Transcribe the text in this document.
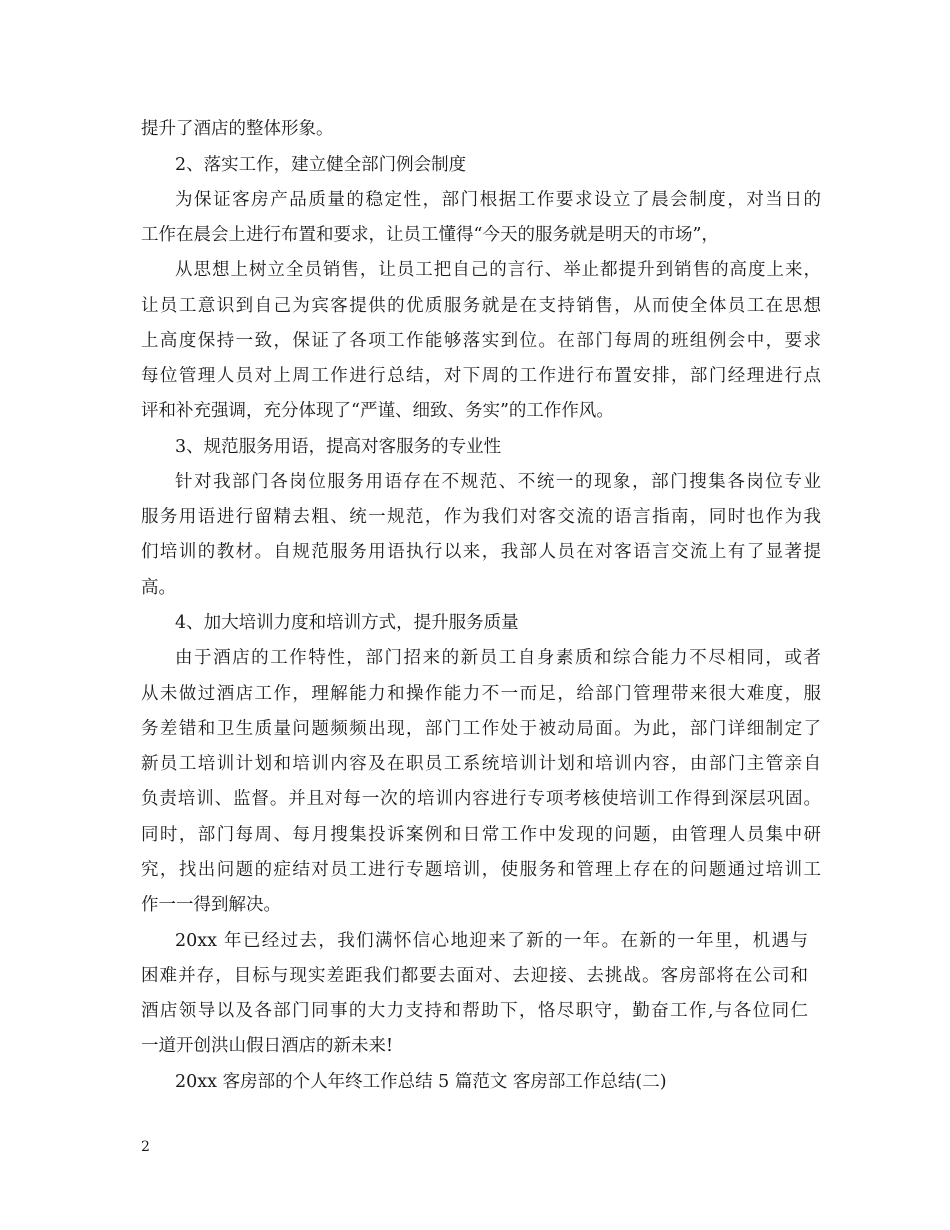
提升了酒店的整体形象。
2、落实工作，建立健全部门例会制度
为保证客房产品质量的稳定性，部门根据工作要求设立了晨会制度，对当日的
工作在晨会上进行布置和要求，让员工懂得“今天的服务就是明天的市场”，
从思想上树立全员销售，让员工把自己的言行、举止都提升到销售的高度上来，
让员工意识到自己为宾客提供的优质服务就是在支持销售，从而使全体员工在思想
上高度保持一致，保证了各项工作能够落实到位。在部门每周的班组例会中，要求
每位管理人员对上周工作进行总结，对下周的工作进行布置安排，部门经理进行点
评和补充强调，充分体现了“严谨、细致、务实”的工作作风。
3、规范服务用语，提高对客服务的专业性
针对我部门各岗位服务用语存在不规范、不统一的现象，部门搜集各岗位专业
服务用语进行留精去粗、统一规范，作为我们对客交流的语言指南，同时也作为我
们培训的教材。自规范服务用语执行以来，我部人员在对客语言交流上有了显著提
高。
4、加大培训力度和培训方式，提升服务质量
由于酒店的工作特性，部门招来的新员工自身素质和综合能力不尽相同，或者
从未做过酒店工作，理解能力和操作能力不一而足，给部门管理带来很大难度，服
务差错和卫生质量问题频频出现，部门工作处于被动局面。为此，部门详细制定了
新员工培训计划和培训内容及在职员工系统培训计划和培训内容，由部门主管亲自
负责培训、监督。并且对每一次的培训内容进行专项考核使培训工作得到深层巩固。
同时，部门每周、每月搜集投诉案例和日常工作中发现的问题，由管理人员集中研
究，找出问题的症结对员工进行专题培训，使服务和管理上存在的问题通过培训工
作一一得到解决。
20xx 年已经过去，我们满怀信心地迎来了新的一年。在新的一年里，机遇与
困难并存，目标与现实差距我们都要去面对、去迎接、去挑战。客房部将在公司和
酒店领导以及各部门同事的大力支持和帮助下，恪尽职守，勤奋工作,与各位同仁
一道开创洪山假日酒店的新未来!
20xx 客房部的个人年终工作总结 5 篇范文 客房部工作总结(二)
2
